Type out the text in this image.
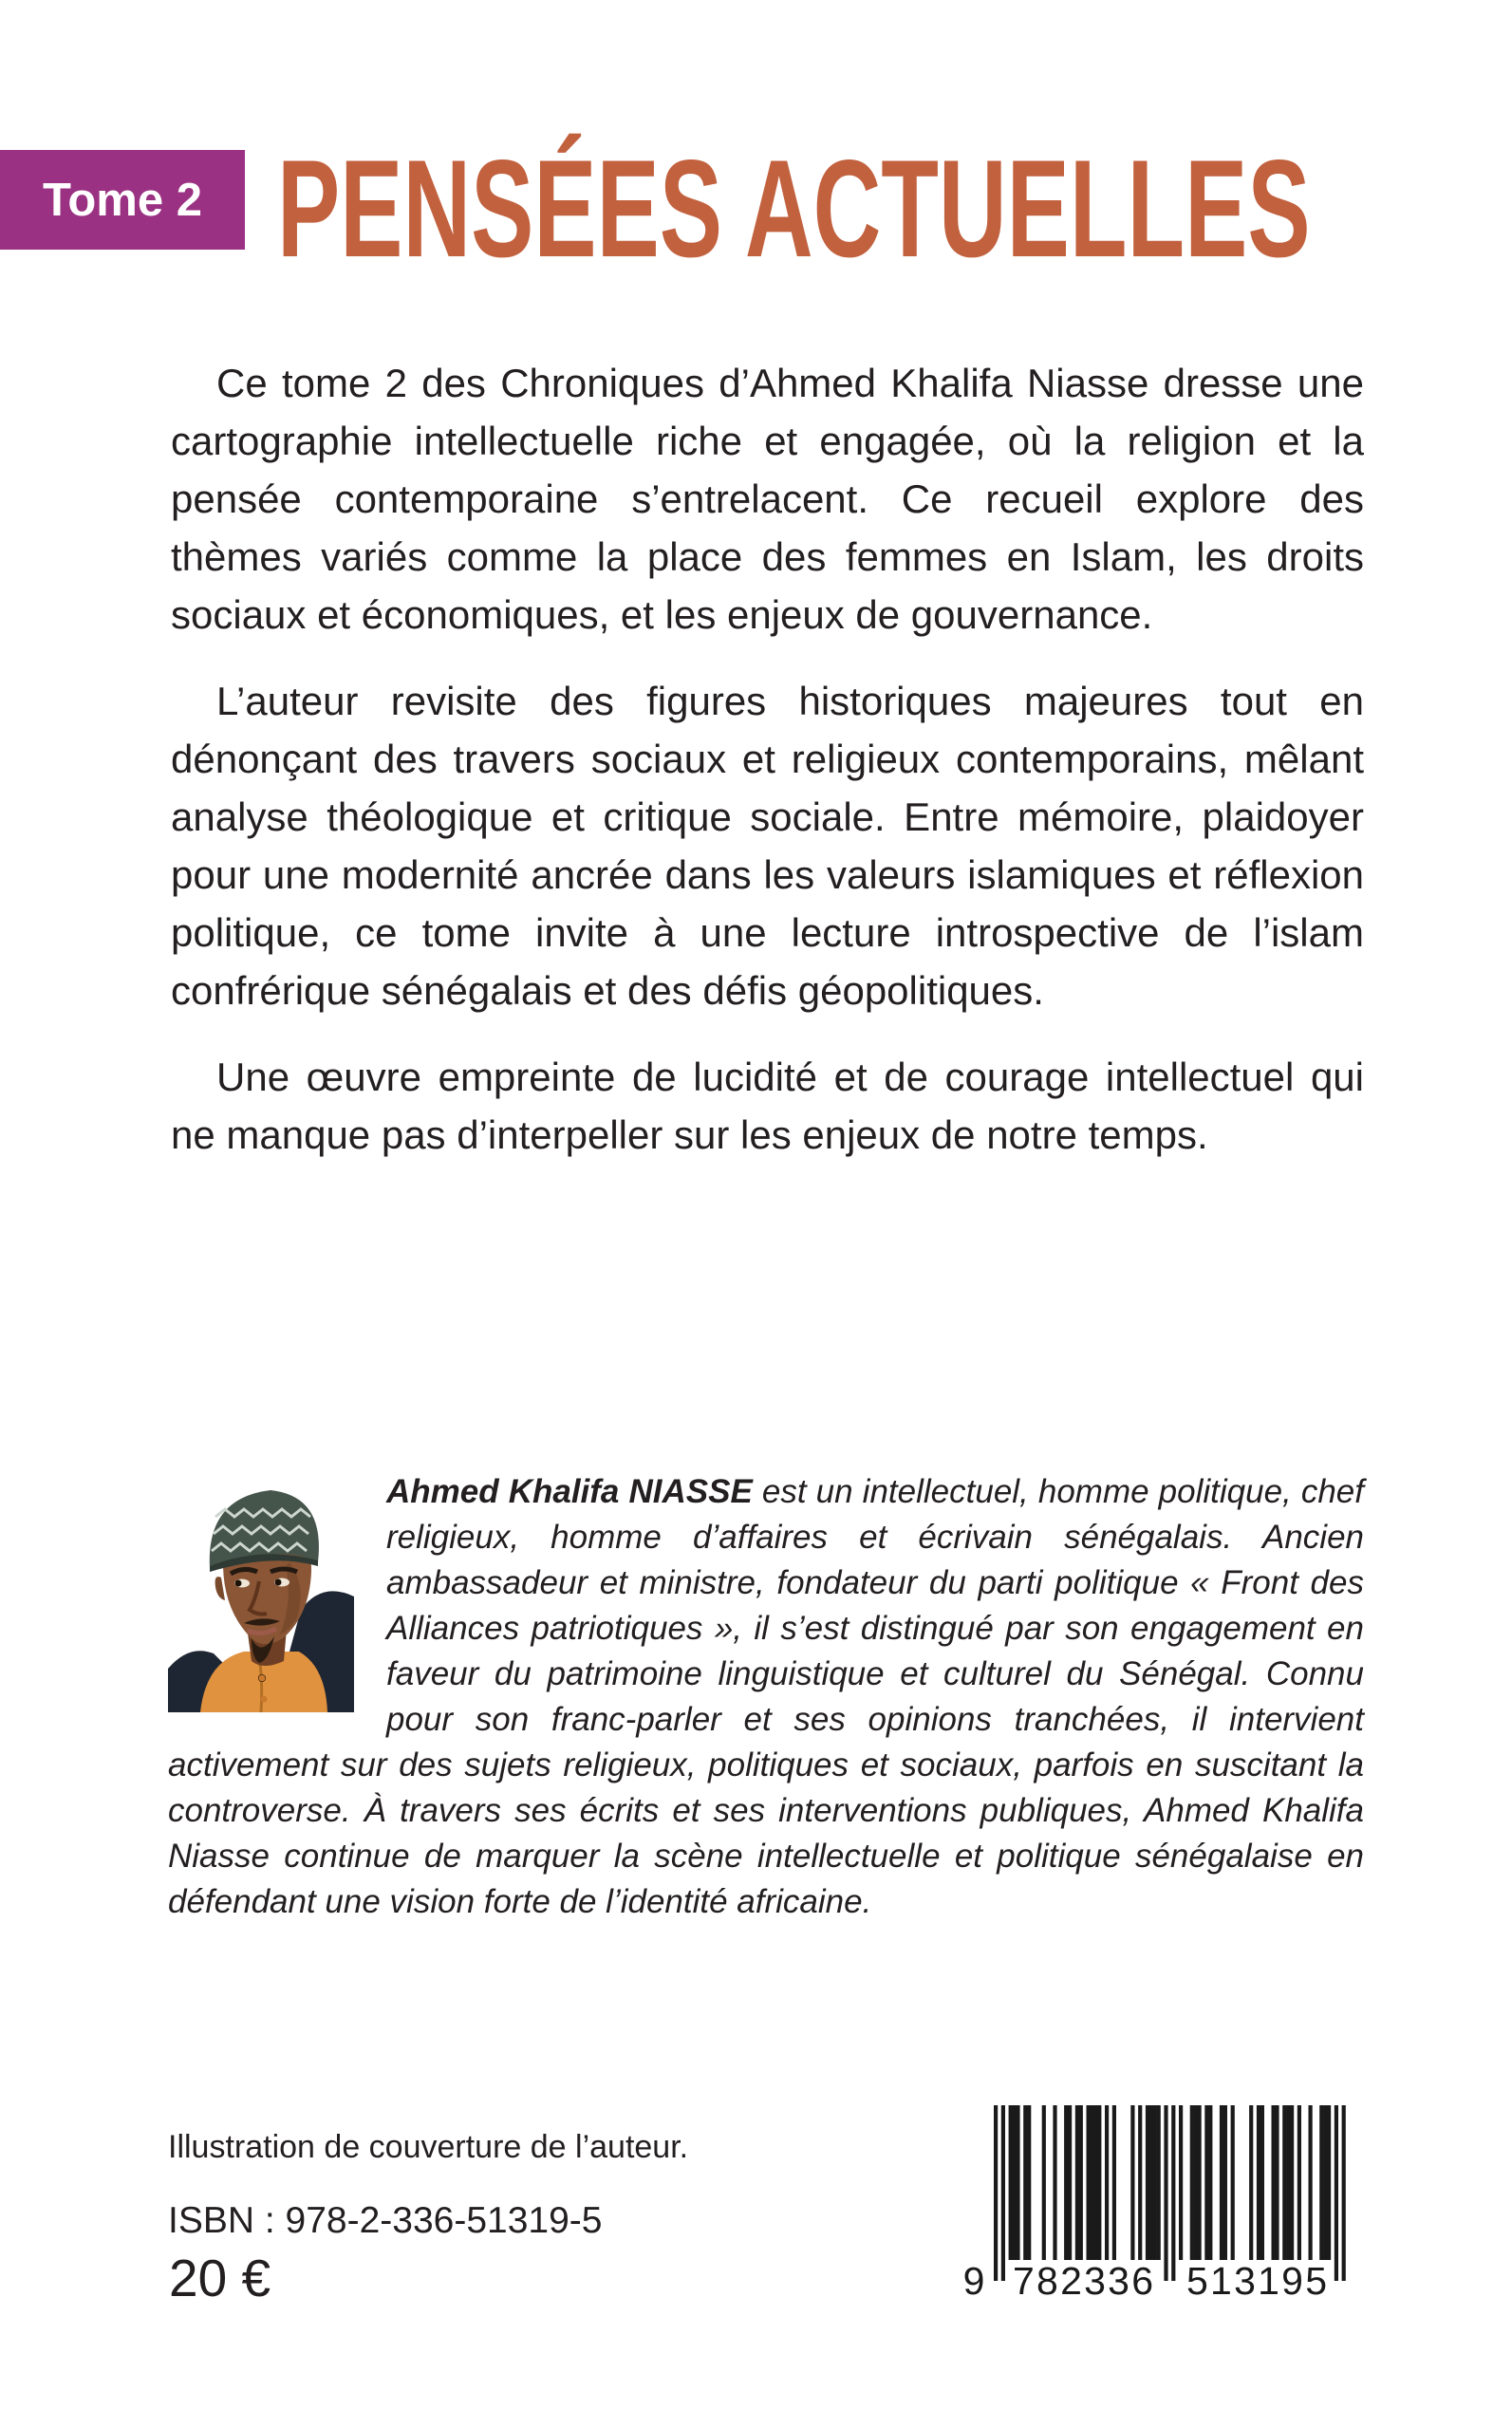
Tome 2 PENSÉES ACTUELLES

Ce tome 2 des Chroniques d’Ahmed Khalifa Niasse dresse une cartographie intellectuelle riche et engagée, où la religion et la pensée contemporaine s’entrelacent. Ce recueil explore des thèmes variés comme la place des femmes en Islam, les droits sociaux et économiques, et les enjeux de gouvernance.

L’auteur revisite des figures historiques majeures tout en dénonçant des travers sociaux et religieux contemporains, mêlant analyse théologique et critique sociale. Entre mémoire, plaidoyer pour une modernité ancrée dans les valeurs islamiques et réflexion politique, ce tome invite à une lecture introspective de l’islam confrérique sénégalais et des défis géopolitiques.

Une œuvre empreinte de lucidité et de courage intellectuel qui ne manque pas d’interpeller sur les enjeux de notre temps.

Ahmed Khalifa NIASSE est un intellectuel, homme politique, chef religieux, homme d’affaires et écrivain sénégalais. Ancien ambassadeur et ministre, fondateur du parti politique « Front des Alliances patriotiques », il s’est distingué par son engagement en faveur du patrimoine linguistique et culturel du Sénégal. Connu pour son franc-parler et ses opinions tranchées, il intervient activement sur des sujets religieux, politiques et sociaux, parfois en suscitant la controverse. À travers ses écrits et ses interventions publiques, Ahmed Khalifa Niasse continue de marquer la scène intellectuelle et politique sénégalaise en défendant une vision forte de l’identité africaine.

Illustration de couverture de l’auteur.
ISBN : 978-2-336-51319-5
20 €	9 782336 513195
